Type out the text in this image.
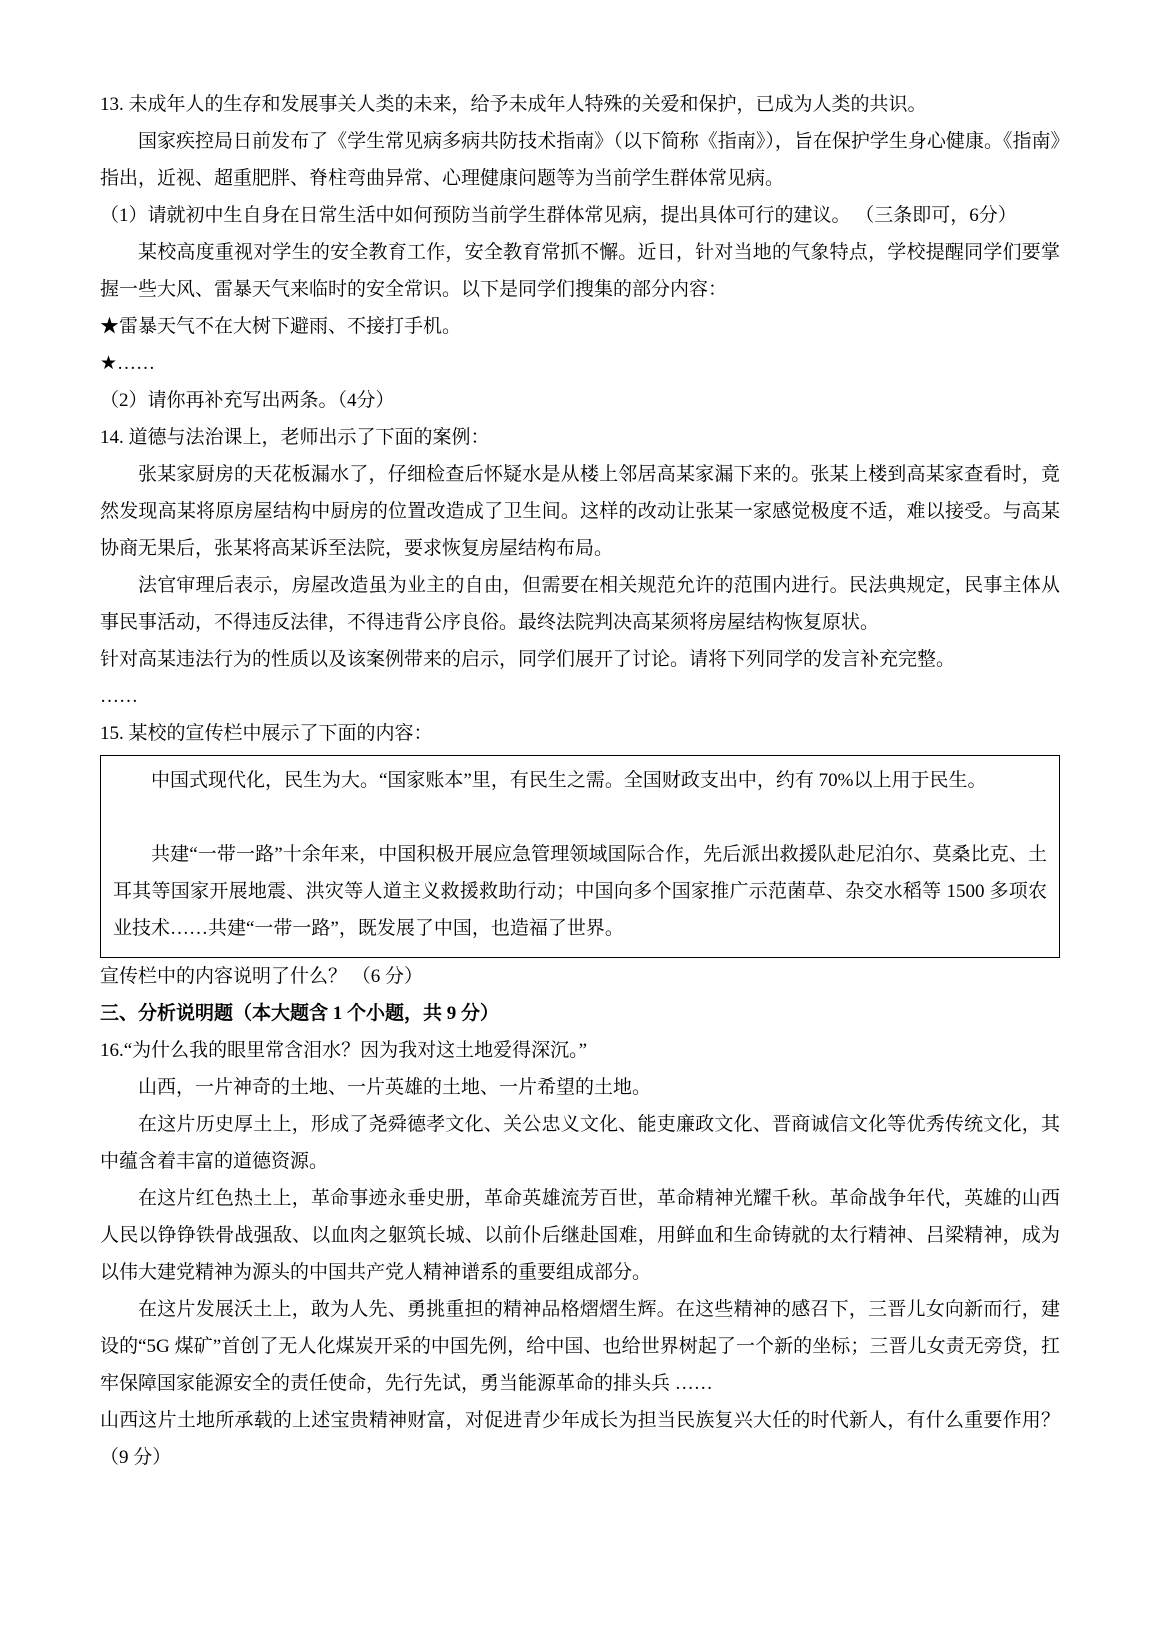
13. 未成年人的生存和发展事关人类的未来，给予未成年人特殊的关爱和保护，已成为人类的共识。

国家疾控局日前发布了《学生常见病多病共防技术指南》（以下简称《指南》），旨在保护学生身心健康。《指南》指出，近视、超重肥胖、脊柱弯曲异常、心理健康问题等为当前学生群体常见病。

（1）请就初中生自身在日常生活中如何预防当前学生群体常见病，提出具体可行的建议。 （三条即可，6分）

某校高度重视对学生的安全教育工作，安全教育常抓不懈。近日，针对当地的气象特点，学校提醒同学们要掌握一些大风、雷暴天气来临时的安全常识。以下是同学们搜集的部分内容：

★雷暴天气不在大树下避雨、不接打手机。

★……

（2）请你再补充写出两条。（4分）

14. 道德与法治课上，老师出示了下面的案例：

张某家厨房的天花板漏水了，仔细检查后怀疑水是从楼上邻居高某家漏下来的。张某上楼到高某家查看时，竟然发现高某将原房屋结构中厨房的位置改造成了卫生间。这样的改动让张某一家感觉极度不适，难以接受。与高某协商无果后，张某将高某诉至法院，要求恢复房屋结构布局。

法官审理后表示，房屋改造虽为业主的自由，但需要在相关规范允许的范围内进行。民法典规定，民事主体从事民事活动，不得违反法律，不得违背公序良俗。最终法院判决高某须将房屋结构恢复原状。

针对高某违法行为的性质以及该案例带来的启示，同学们展开了讨论。请将下列同学的发言补充完整。

……

15. 某校的宣传栏中展示了下面的内容：

中国式现代化，民生为大。“国家账本”里，有民生之需。全国财政支出中，约有 70%以上用于民生。

共建“一带一路”十余年来，中国积极开展应急管理领域国际合作，先后派出救援队赴尼泊尔、莫桑比克、土耳其等国家开展地震、洪灾等人道主义救援救助行动；中国向多个国家推广示范菌草、杂交水稻等 1500 多项农业技术……共建“一带一路”，既发展了中国，也造福了世界。

宣传栏中的内容说明了什么？ （6 分）

三、分析说明题（本大题含 1 个小题，共 9 分）

16.“为什么我的眼里常含泪水？因为我对这土地爱得深沉。”

山西，一片神奇的土地、一片英雄的土地、一片希望的土地。

在这片历史厚土上，形成了尧舜德孝文化、关公忠义文化、能吏廉政文化、晋商诚信文化等优秀传统文化，其中蕴含着丰富的道德资源。

在这片红色热土上，革命事迹永垂史册，革命英雄流芳百世，革命精神光耀千秋。革命战争年代，英雄的山西人民以铮铮铁骨战强敌、以血肉之躯筑长城、以前仆后继赴国难，用鲜血和生命铸就的太行精神、吕梁精神，成为以伟大建党精神为源头的中国共产党人精神谱系的重要组成部分。

在这片发展沃土上，敢为人先、勇挑重担的精神品格熠熠生辉。在这些精神的感召下，三晋儿女向新而行，建设的“5G 煤矿”首创了无人化煤炭开采的中国先例，给中国、也给世界树起了一个新的坐标；三晋儿女责无旁贷，扛牢保障国家能源安全的责任使命，先行先试，勇当能源革命的排头兵 ……

山西这片土地所承载的上述宝贵精神财富，对促进青少年成长为担当民族复兴大任的时代新人，有什么重要作用？（9 分）
